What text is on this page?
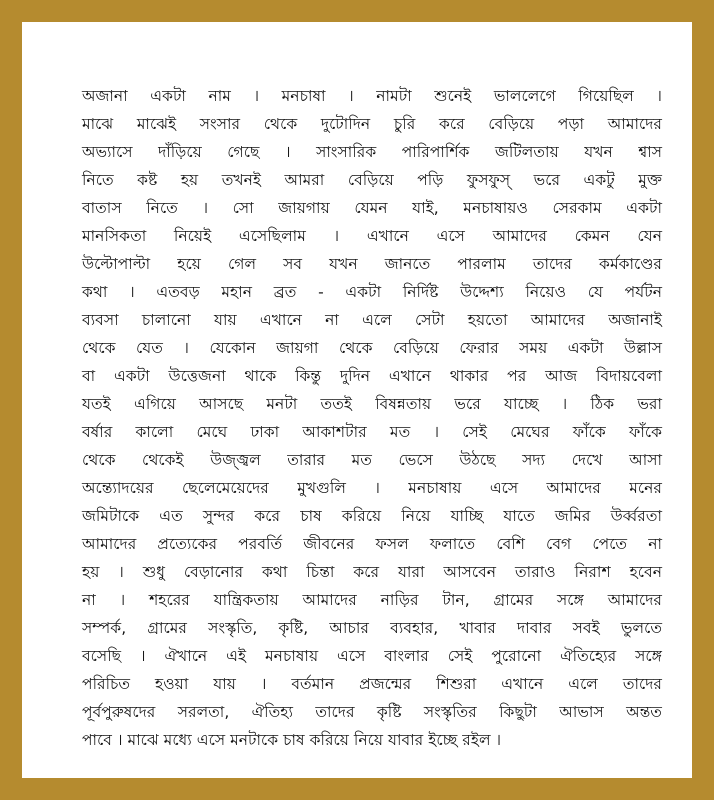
অজানা একটা নাম । মনচাষা । নামটা শুনেই ভাললেগে গিয়েছিল ।
মাঝে মাঝেই সংসার থেকে দুটোদিন চুরি করে বেড়িয়ে পড়া আমাদের
অভ্যাসে দাঁড়িয়ে গেছে । সাংসারিক পারিপার্শিক জটিলতায় যখন শ্বাস
নিতে কষ্ট হয় তখনই আমরা বেড়িয়ে পড়ি ফুসফুস্ ভরে একটু মুক্ত
বাতাস নিতে । সো জায়গায় যেমন যাই, মনচাষায়ও সেরকাম একটা
মানসিকতা নিয়েই এসেছিলাম । এখানে এসে আমাদের কেমন যেন
উল্টোপাল্টা হয়ে গেল সব যখন জানতে পারলাম তাদের কর্মকাণ্ডের
কথা । এতবড় মহান ব্রত - একটা নির্দিষ্ট উদ্দেশ্য নিয়েও যে পর্যটন
ব্যবসা চালানো যায় এখানে না এলে সেটা হয়তো আমাদের অজানাই
থেকে যেত । যেকোন জায়গা থেকে বেড়িয়ে ফেরার সময় একটা উল্লাস
বা একটা উত্তেজনা থাকে কিন্তু দুদিন এখানে থাকার পর আজ বিদায়বেলা
যতই এগিয়ে আসছে মনটা ততই বিষন্নতায় ভরে যাচ্ছে । ঠিক ভরা
বর্ষার কালো মেঘে ঢাকা আকাশটার মত । সেই মেঘের ফাঁকে ফাঁকে
থেকে থেকেই উজ্জ্বল তারার মত ভেসে উঠছে সদ্য দেখে আসা
অন্ত্যোদয়ের ছেলেমেয়েদের মুখগুলি । মনচাষায় এসে আমাদের মনের
জমিটাকে এত সুন্দর করে চাষ করিয়ে নিয়ে যাচ্ছি যাতে জমির উর্ব্বরতা
আমাদের প্রত্যেকের পরবর্তি জীবনের ফসল ফলাতে বেশি বেগ পেতে না
হয় । শুধু বেড়ানোর কথা চিন্তা করে যারা আসবেন তারাও নিরাশ হবেন
না । শহরের যান্ত্রিকতায় আমাদের নাড়ির টান, গ্রামের সঙ্গে আমাদের
সম্পর্ক, গ্রামের সংস্কৃতি, কৃষ্টি, আচার ব্যবহার, খাবার দাবার সবই ভুলতে
বসেছি । ঐখানে এই মনচাষায় এসে বাংলার সেই পুরোনো ঐতিহ্যের সঙ্গে
পরিচিত হওয়া যায় । বর্তমান প্রজন্মের শিশুরা এখানে এলে তাদের
পূর্বপুরুষদের সরলতা, ঐতিহ্য তাদের কৃষ্টি সংস্কৃতির কিছুটা আভাস অন্তত
পাবে । মাঝে মধ্যে এসে মনটাকে চাষ করিয়ে নিয়ে যাবার ইচ্ছে রইল ।
